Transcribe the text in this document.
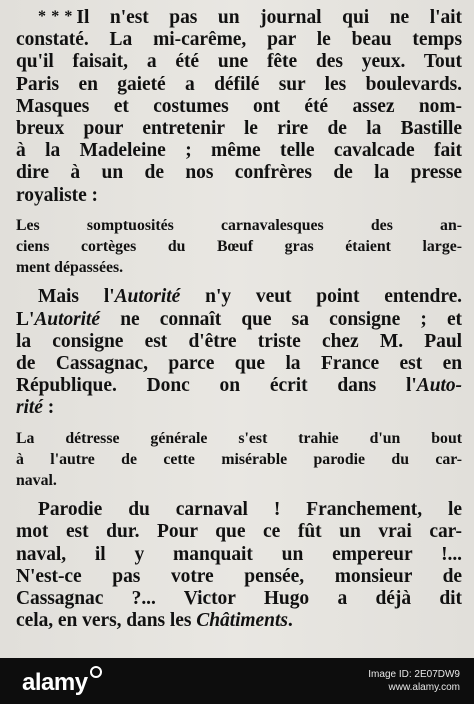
* * * Il n'est pas un journal qui ne l'ait
constaté. La mi-carême, par le beau temps
qu'il faisait, a été une fête des yeux. Tout
Paris en gaieté a défilé sur les boulevards.
Masques et costumes ont été assez nom-
breux pour entretenir le rire de la Bastille
à la Madeleine ; même telle cavalcade fait
dire à un de nos confrères de la presse
royaliste :
Les somptuosités carnavalesques des an-
ciens cortèges du Bœuf gras étaient large-
ment dépassées.
Mais l'Autorité n'y veut point entendre.
L'Autorité ne connaît que sa consigne ; et
la consigne est d'être triste chez M. Paul
de Cassagnac, parce que la France est en
République. Donc on écrit dans l'Auto-
rité :
La détresse générale s'est trahie d'un bout
à l'autre de cette misérable parodie du car-
naval.
Parodie du carnaval ! Franchement, le
mot est dur. Pour que ce fût un vrai car-
naval, il y manquait un empereur !...
N'est-ce pas votre pensée, monsieur de
Cassagnac ?... Victor Hugo a déjà dit
cela, en vers, dans les Châtiments.
alamy	Image ID: 2E07DW9
www.alamy.com
